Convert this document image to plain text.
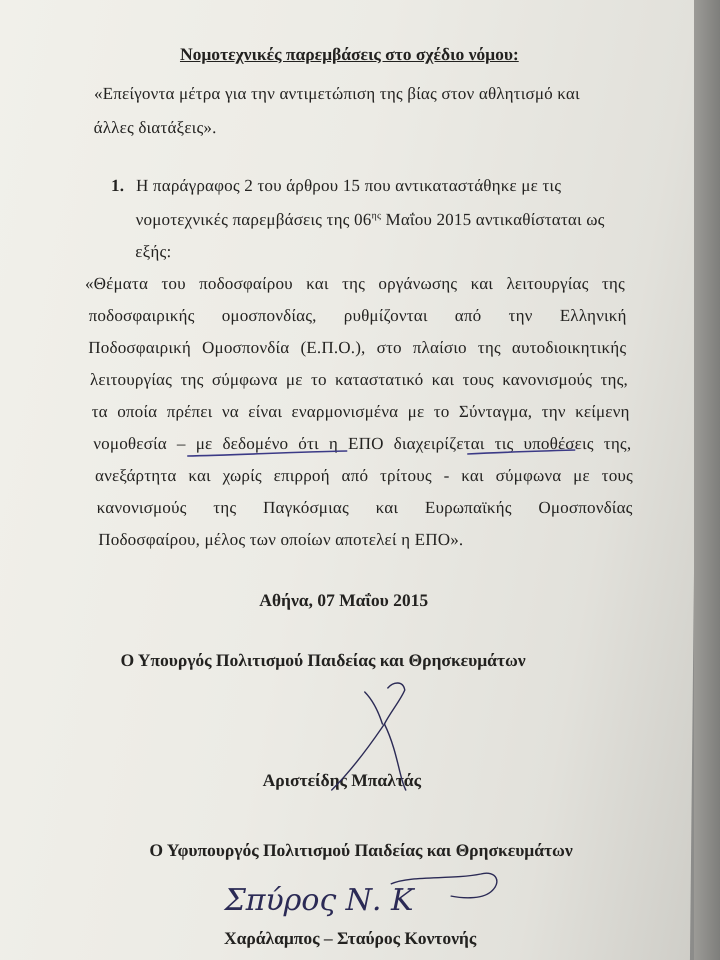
Νομοτεχνικές παρεμβάσεις στο σχέδιο νόμου:
«Επείγοντα μέτρα για την αντιμετώπιση της βίας στον αθλητισμό και
άλλες διατάξεις».
1. Η παράγραφος 2 του άρθρου 15 που αντικαταστάθηκε με τις
νομοτεχνικές παρεμβάσεις της $06^{\eta\varsigma}$ Μαΐου 2015 αντικαθίσταται ως
εξής:
«Θέματα του ποδοσφαίρου και της οργάνωσης και λειτουργίας της
ποδοσφαιρικής ομοσπονδίας, ρυθμίζονται από την Ελληνική
Ποδοσφαιρική Ομοσπονδία (Ε.Π.Ο.), στο πλαίσιο της αυτοδιοικητικής
λειτουργίας της σύμφωνα με το καταστατικό και τους κανονισμούς της,
τα οποία πρέπει να είναι εναρμονισμένα με το Σύνταγμα, την κείμενη
νομοθεσία – με δεδομένο ότι η ΕΠΟ διαχειρίζεται τις υποθέσεις της,
ανεξάρτητα και χωρίς επιρροή από τρίτους - και σύμφωνα με τους
κανονισμούς της Παγκόσμιας και Ευρωπαϊκής Ομοσπονδίας
Ποδοσφαίρου, μέλος των οποίων αποτελεί η ΕΠΟ».
Αθήνα, 07 Μαΐου 2015
Ο Υπουργός Πολιτισμού Παιδείας και Θρησκευμάτων
Αριστείδης Μπαλτάς
Ο Υφυπουργός Πολιτισμού Παιδείας και Θρησκευμάτων
Χαράλαμπος – Σταύρος Κοντονής
Σπύρος Ν. Κ
